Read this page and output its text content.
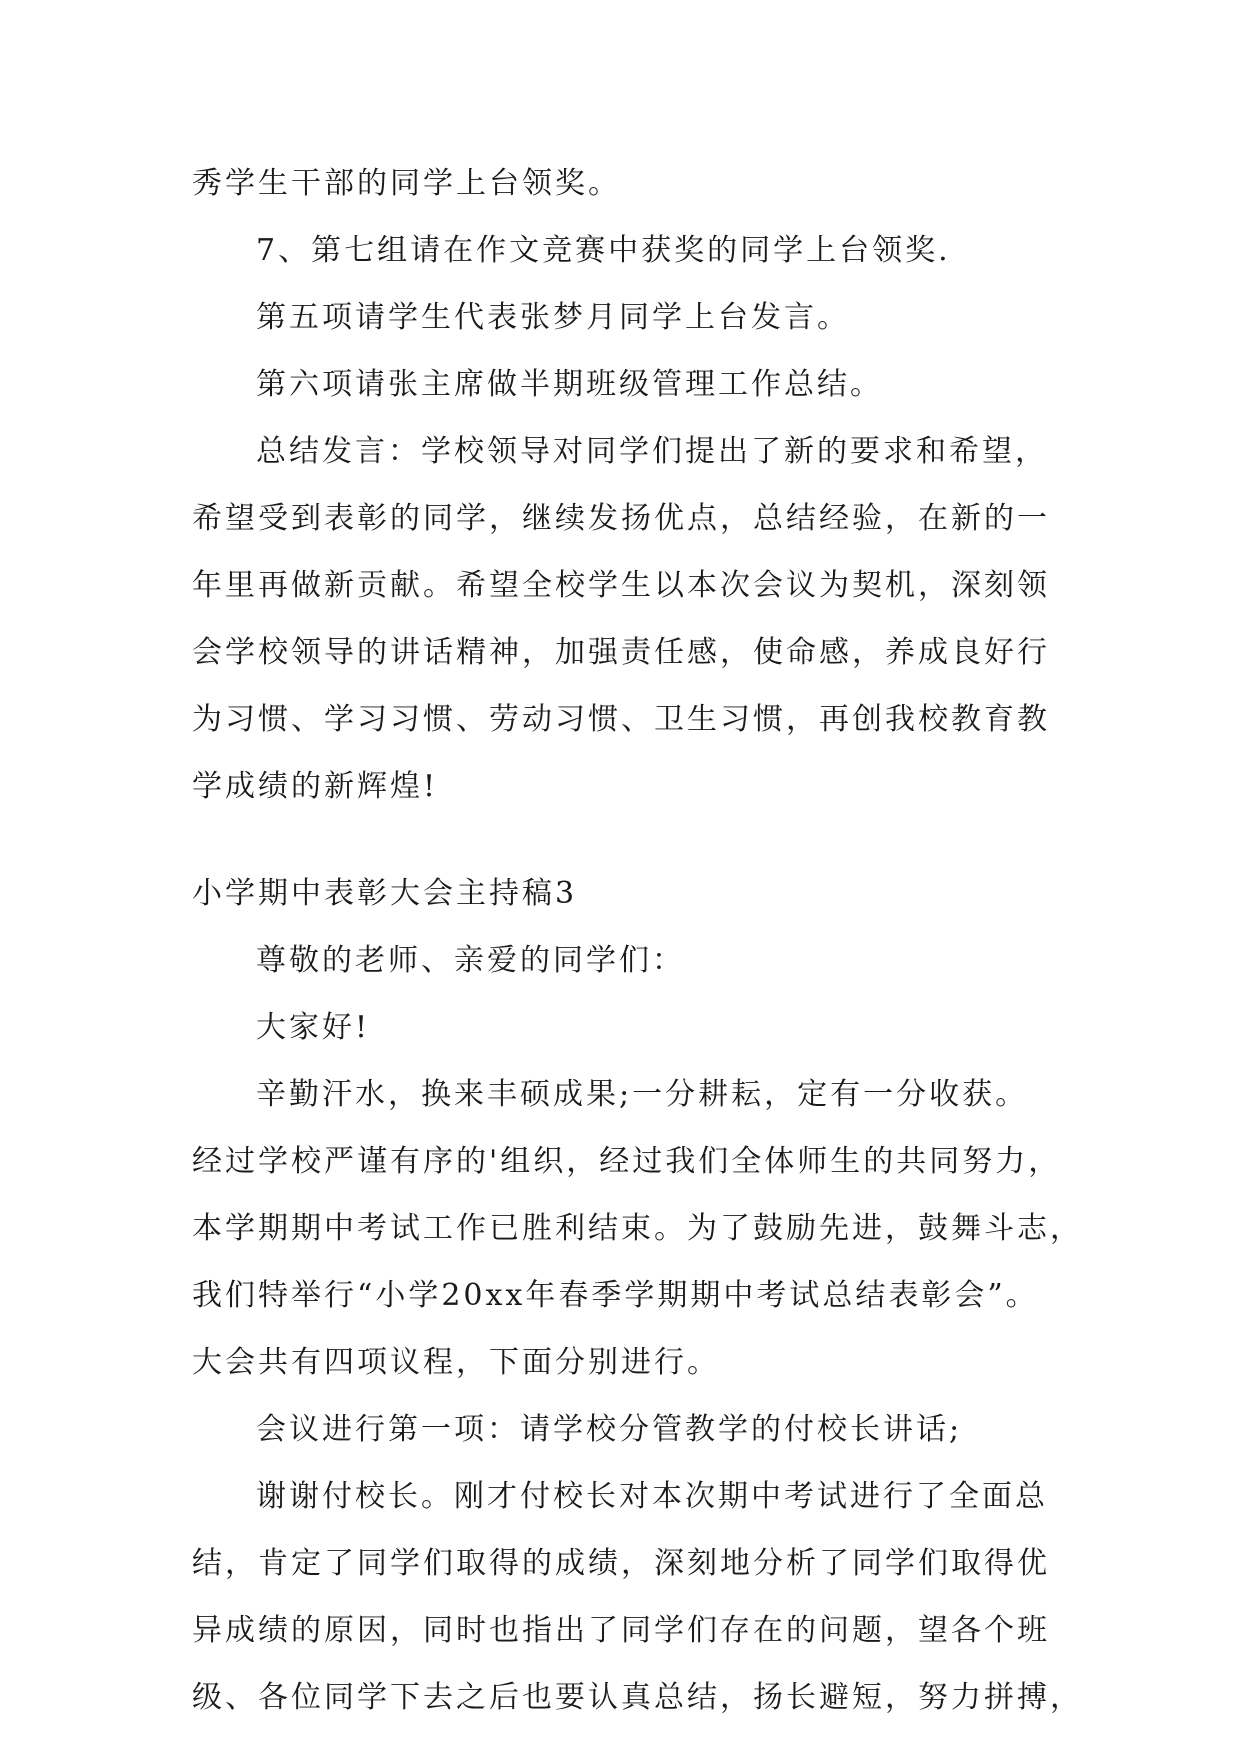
秀学生干部的同学上台领奖。

7、第七组请在作文竞赛中获奖的同学上台领奖.

第五项请学生代表张梦月同学上台发言。

第六项请张主席做半期班级管理工作总结。

总结发言：学校领导对同学们提出了新的要求和希望，

希望受到表彰的同学，继续发扬优点，总结经验，在新的一

年里再做新贡献。希望全校学生以本次会议为契机，深刻领

会学校领导的讲话精神，加强责任感，使命感，养成良好行

为习惯、学习习惯、劳动习惯、卫生习惯，再创我校教育教

学成绩的新辉煌!

小学期中表彰大会主持稿3

尊敬的老师、亲爱的同学们：

大家好!

辛勤汗水，换来丰硕成果;一分耕耘，定有一分收获。

经过学校严谨有序的'组织，经过我们全体师生的共同努力，

本学期期中考试工作已胜利结束。为了鼓励先进，鼓舞斗志，

我们特举行“小学20xx年春季学期期中考试总结表彰会”。

大会共有四项议程，下面分别进行。

会议进行第一项：请学校分管教学的付校长讲话;

谢谢付校长。刚才付校长对本次期中考试进行了全面总

结，肯定了同学们取得的成绩，深刻地分析了同学们取得优

异成绩的原因，同时也指出了同学们存在的问题，望各个班

级、各位同学下去之后也要认真总结，扬长避短，努力拼搏，
